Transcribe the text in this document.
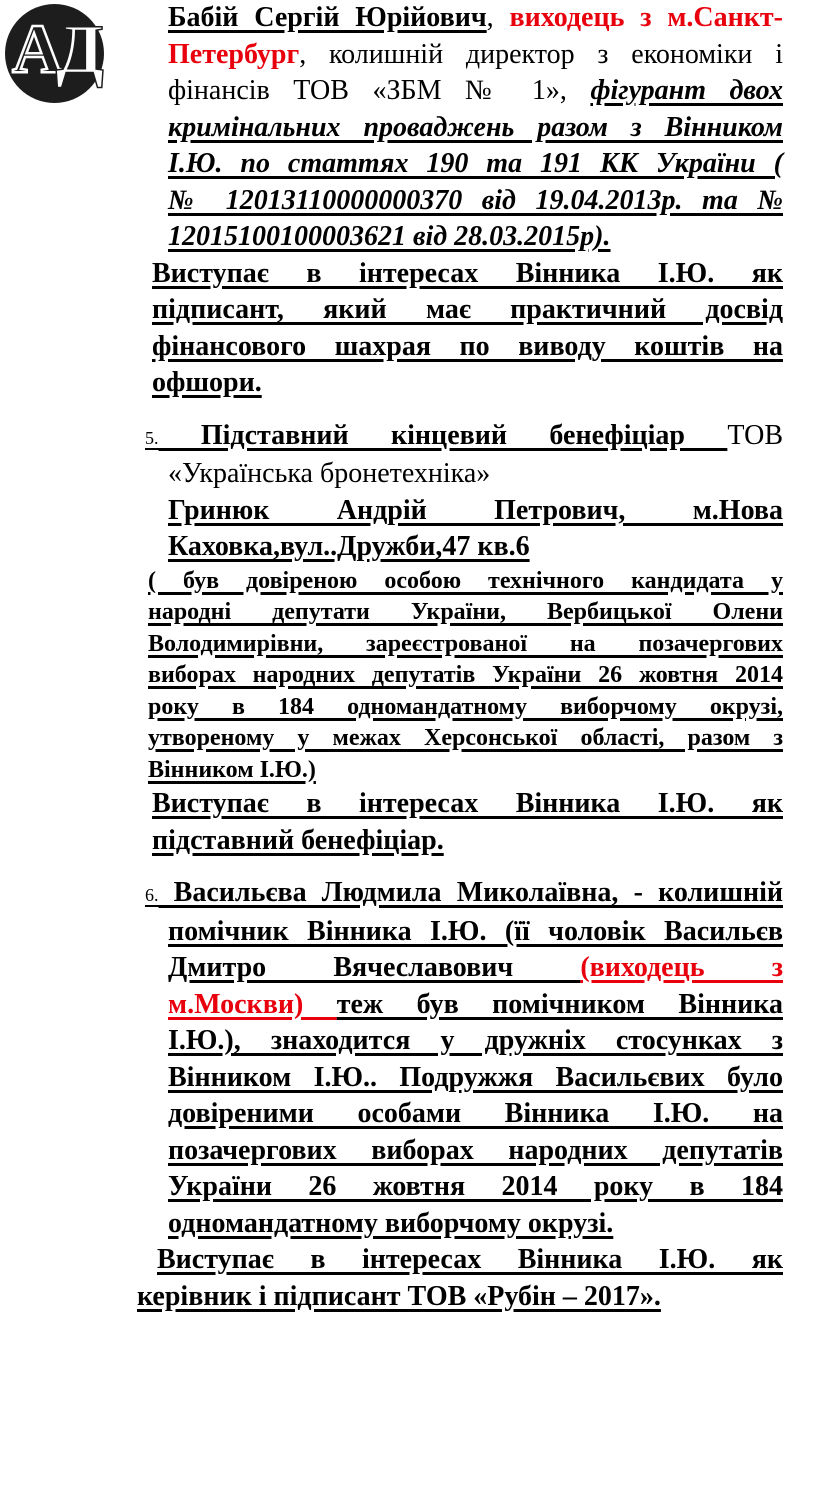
АД	Бабій Сергій Юрійович, виходець з м.Санкт-
Петербург, колишній директор з економіки і
фінансів ТОВ «ЗБМ № 1», фігурант двох
кримінальних проваджень разом з Вінником
І.Ю. по статтях 190 та 191 КК України (
№ 12013110000000370 від 19.04.2013р. та №
12015100100003621 від 28.03.2015р).
Виступає в інтересах Вінника І.Ю. як
підписант, який має практичний досвід
фінансового шахрая по виводу коштів на
офшори.
5. Підставний кінцевий бенефіціар ТОВ
«Українська бронетехніка»
Гринюк Андрій Петрович, м.Нова
Каховка,вул..Дружби,47 кв.6
( був довіреною особою технічного кандидата у
народні депутати України, Вербицької Олени
Володимирівни, зареєстрованої на позачергових
виборах народних депутатів України 26 жовтня 2014
року в 184 одномандатному виборчому окрузі,
утвореному у межах Херсонської області, разом з
Вінником І.Ю.)
Виступає в інтересах Вінника І.Ю. як
підставний бенефіціар.
6. Васильєва Людмила Миколаївна, - колишній
помічник Вінника І.Ю. (її чоловік Васильєв
Дмитро Вячеславович (виходець з
м.Москви) теж був помічником Вінника
І.Ю.), знаходится у дружніх стосунках з
Вінником І.Ю.. Подружжя Васильєвих було
довіреними особами Вінника І.Ю. на
позачергових виборах народних депутатів
України 26 жовтня 2014 року в 184
одномандатному виборчому окрузі.
Виступає в інтересах Вінника І.Ю. як
керівник і підписант ТОВ «Рубін – 2017».
